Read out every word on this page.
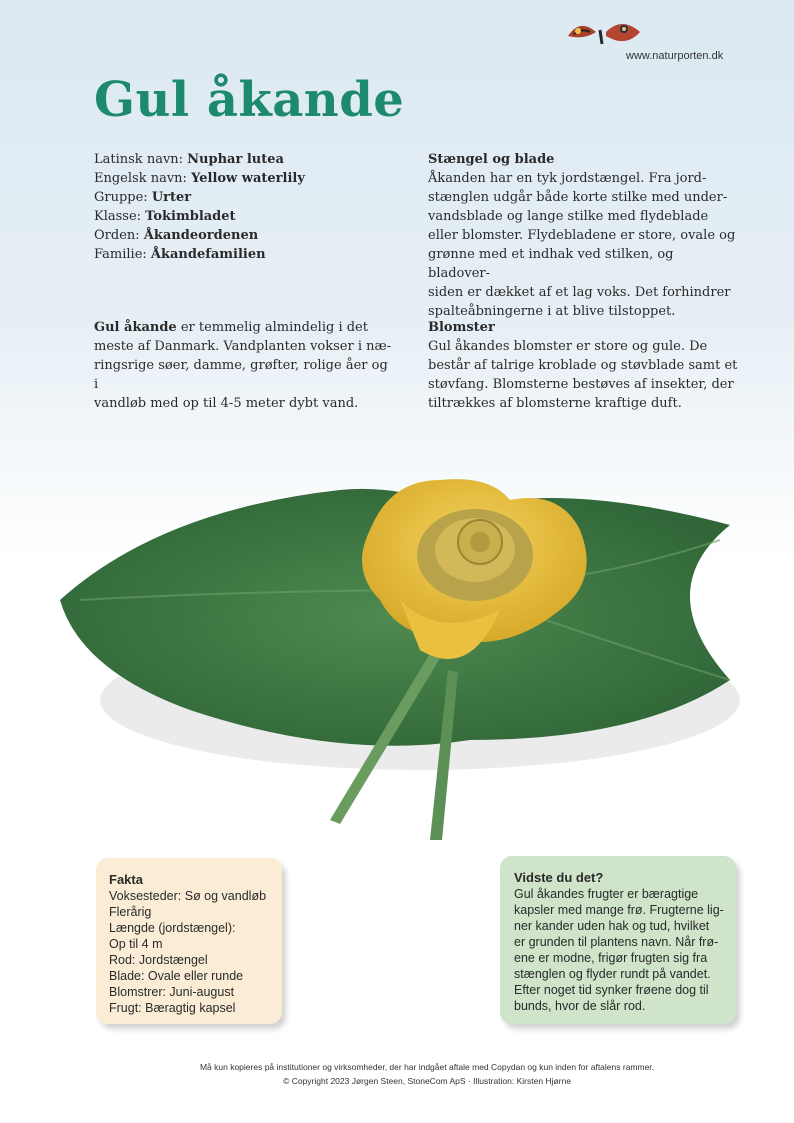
www.naturporten.dk
Gul åkande
Latinsk navn: Nuphar lutea
Engelsk navn: Yellow waterlily
Gruppe: Urter
Klasse: Tokimbladet
Orden: Åkandeordenen
Familie: Åkandefamilien
Gul åkande er temmelig almindelig i det
meste af Danmark. Vandplanten vokser i næ-
ringsrige søer, damme, grøfter, rolige åer og i
vandløb med op til 4-5 meter dybt vand.
Stængel og blade
Åkanden har en tyk jordstængel. Fra jord-
stænglen udgår både korte stilke med under-
vandsblade og lange stilke med flydeblade
eller blomster. Flydebladene er store, ovale og
grønne med et indhak ved stilken, og bladover-
siden er dækket af et lag voks. Det forhindrer
spalteåbningerne i at blive tilstoppet.
Blomster
Gul åkandes blomster er store og gule. De
består af talrige kroblade og støvblade samt et
støvfang. Blomsterne bestøves af insekter, der
tiltrækkes af blomsterne kraftige duft.
Fakta
Voksesteder: Sø og vandløb
Flerårig
Længde (jordstængel):
Op til 4 m
Rod: Jordstængel
Blade: Ovale eller runde
Blomstrer: Juni-august
Frugt: Bæragtig kapsel
Vidste du det?
Gul åkandes frugter er bæragtige
kapsler med mange frø. Frugterne lig-
ner kander uden hak og tud, hvilket
er grunden til plantens navn. Når frø-
ene er modne, frigør frugten sig fra
stænglen og flyder rundt på vandet.
Efter noget tid synker frøene dog til
bunds, hvor de slår rod.
Må kun kopieres på institutioner og virksomheder, der har indgået aftale med Copydan og kun inden for aftalens rammer.
© Copyright 2023 Jørgen Steen, StoneCom ApS · Illustration: Kirsten Hjørne
